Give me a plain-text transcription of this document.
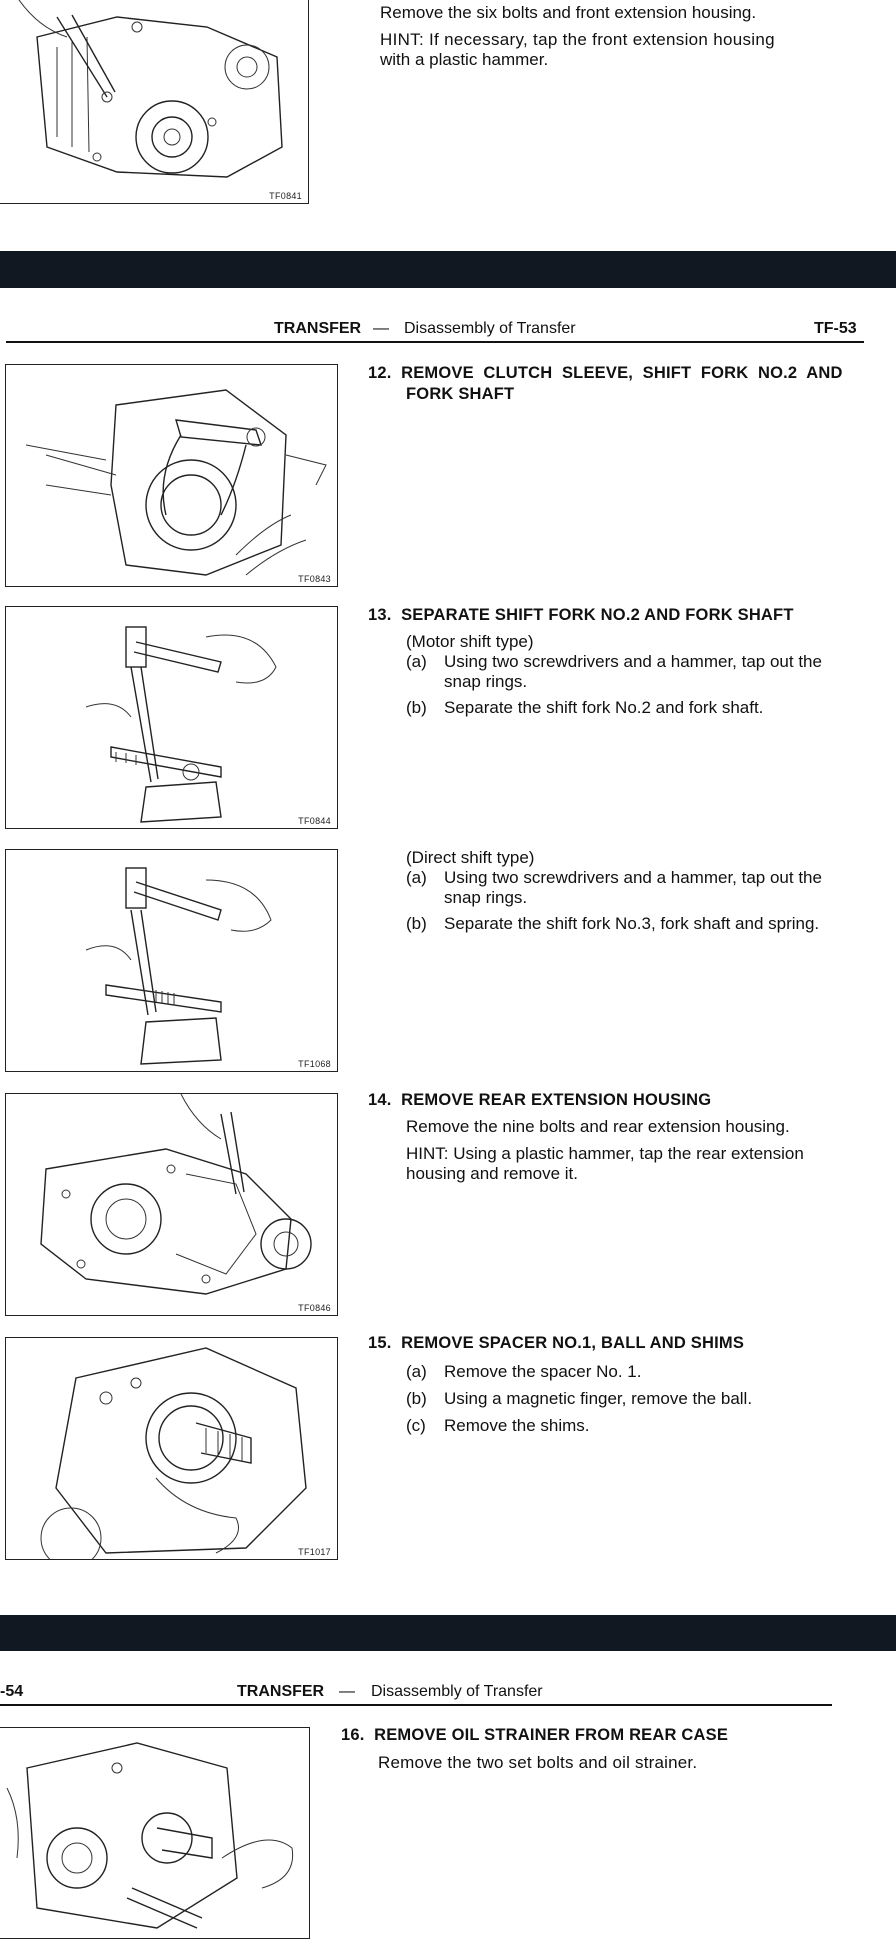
TF0841
Remove the six bolts and front extension housing.
HINT: If necessary, tap the front extension housing
with a plastic hammer.
TRANSFER — Disassembly of Transfer	TF-53
TF0843
12.  REMOVE  CLUTCH  SLEEVE,  SHIFT  FORK  NO.2  AND
FORK SHAFT
TF0844
13.  SEPARATE SHIFT FORK NO.2 AND FORK SHAFT
(Motor shift type)
(a) Using two screwdrivers and a hammer, tap out the
snap rings.
(b) Separate the shift fork No.2 and fork shaft.
TF1068
(Direct shift type)
(a) Using two screwdrivers and a hammer, tap out the
snap rings.
(b) Separate the shift fork No.3, fork shaft and spring.
TF0846
14.  REMOVE REAR EXTENSION HOUSING
Remove the nine bolts and rear extension housing.
HINT: Using a plastic hammer, tap the rear extension
housing and remove it.
TF1017
15.  REMOVE SPACER NO.1, BALL AND SHIMS
(a) Remove the spacer No. 1.
(b) Using a magnetic finger, remove the ball.
(c) Remove the shims.
-54	TRANSFER — Disassembly of Transfer
16.  REMOVE OIL STRAINER FROM REAR CASE
Remove the two set bolts and oil strainer.
